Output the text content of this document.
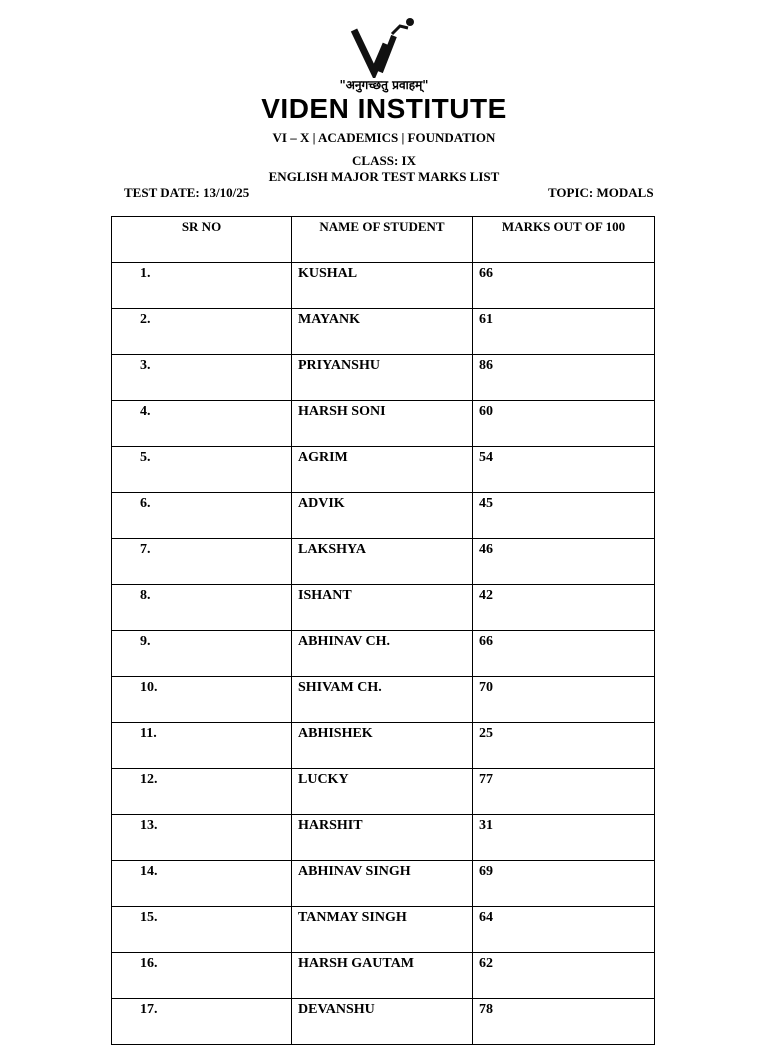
"अनुगच्छतु प्रवाहम्"
VIDEN INSTITUTE
VI – X | ACADEMICS | FOUNDATION
CLASS: IX
ENGLISH MAJOR TEST MARKS LIST
TEST DATE: 13/10/25	TOPIC: MODALS
SR NO	NAME OF STUDENT	MARKS OUT OF 100
1.	KUSHAL	66
2.	MAYANK	61
3.	PRIYANSHU	86
4.	HARSH SONI	60
5.	AGRIM	54
6.	ADVIK	45
7.	LAKSHYA	46
8.	ISHANT	42
9.	ABHINAV CH.	66
10.	SHIVAM CH.	70
11.	ABHISHEK	25
12.	LUCKY	77
13.	HARSHIT	31
14.	ABHINAV SINGH	69
15.	TANMAY SINGH	64
16.	HARSH GAUTAM	62
17.	DEVANSHU	78
